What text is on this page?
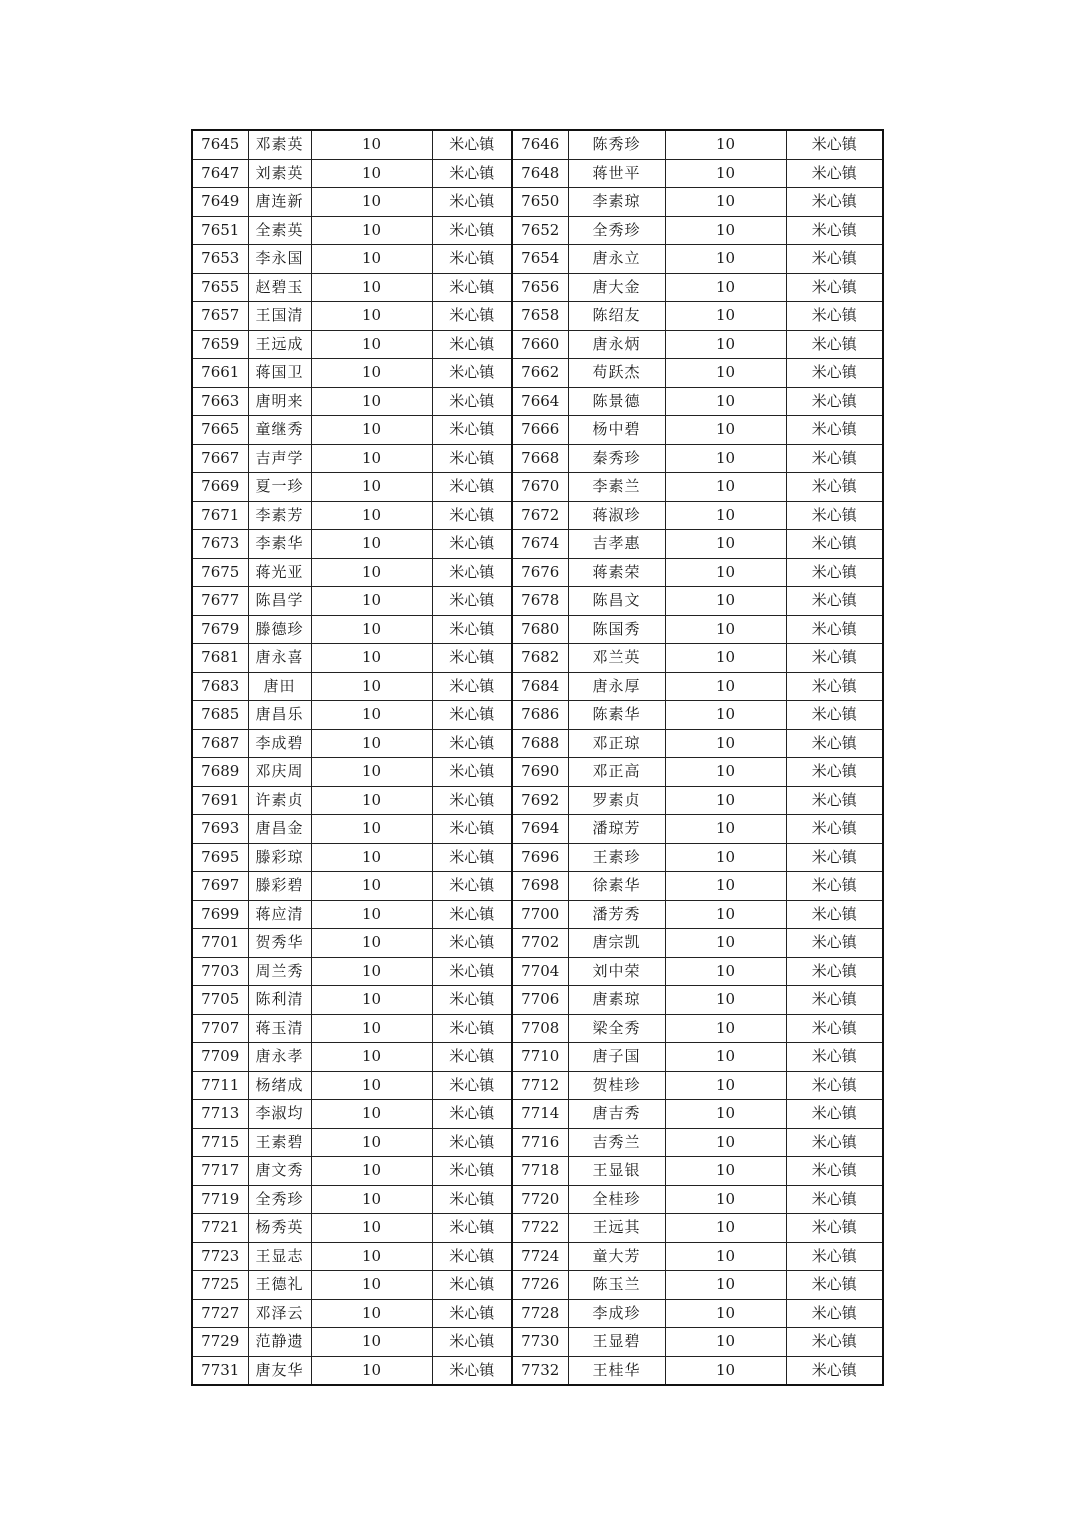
7645	邓素英	10	米心镇	7646	陈秀珍	10	米心镇
7647	刘素英	10	米心镇	7648	蒋世平	10	米心镇
7649	唐连新	10	米心镇	7650	李素琼	10	米心镇
7651	全素英	10	米心镇	7652	全秀珍	10	米心镇
7653	李永国	10	米心镇	7654	唐永立	10	米心镇
7655	赵碧玉	10	米心镇	7656	唐大金	10	米心镇
7657	王国清	10	米心镇	7658	陈绍友	10	米心镇
7659	王远成	10	米心镇	7660	唐永炳	10	米心镇
7661	蒋国卫	10	米心镇	7662	苟跃杰	10	米心镇
7663	唐明来	10	米心镇	7664	陈景德	10	米心镇
7665	童继秀	10	米心镇	7666	杨中碧	10	米心镇
7667	吉声学	10	米心镇	7668	秦秀珍	10	米心镇
7669	夏一珍	10	米心镇	7670	李素兰	10	米心镇
7671	李素芳	10	米心镇	7672	蒋淑珍	10	米心镇
7673	李素华	10	米心镇	7674	吉孝惠	10	米心镇
7675	蒋光亚	10	米心镇	7676	蒋素荣	10	米心镇
7677	陈昌学	10	米心镇	7678	陈昌文	10	米心镇
7679	滕德珍	10	米心镇	7680	陈国秀	10	米心镇
7681	唐永喜	10	米心镇	7682	邓兰英	10	米心镇
7683	唐田	10	米心镇	7684	唐永厚	10	米心镇
7685	唐昌乐	10	米心镇	7686	陈素华	10	米心镇
7687	李成碧	10	米心镇	7688	邓正琼	10	米心镇
7689	邓庆周	10	米心镇	7690	邓正高	10	米心镇
7691	许素贞	10	米心镇	7692	罗素贞	10	米心镇
7693	唐昌金	10	米心镇	7694	潘琼芳	10	米心镇
7695	滕彩琼	10	米心镇	7696	王素珍	10	米心镇
7697	滕彩碧	10	米心镇	7698	徐素华	10	米心镇
7699	蒋应清	10	米心镇	7700	潘芳秀	10	米心镇
7701	贺秀华	10	米心镇	7702	唐宗凯	10	米心镇
7703	周兰秀	10	米心镇	7704	刘中荣	10	米心镇
7705	陈利清	10	米心镇	7706	唐素琼	10	米心镇
7707	蒋玉清	10	米心镇	7708	梁全秀	10	米心镇
7709	唐永孝	10	米心镇	7710	唐子国	10	米心镇
7711	杨绪成	10	米心镇	7712	贺桂珍	10	米心镇
7713	李淑均	10	米心镇	7714	唐吉秀	10	米心镇
7715	王素碧	10	米心镇	7716	吉秀兰	10	米心镇
7717	唐文秀	10	米心镇	7718	王显银	10	米心镇
7719	全秀珍	10	米心镇	7720	全桂珍	10	米心镇
7721	杨秀英	10	米心镇	7722	王远其	10	米心镇
7723	王显志	10	米心镇	7724	童大芳	10	米心镇
7725	王德礼	10	米心镇	7726	陈玉兰	10	米心镇
7727	邓泽云	10	米心镇	7728	李成珍	10	米心镇
7729	范静遗	10	米心镇	7730	王显碧	10	米心镇
7731	唐友华	10	米心镇	7732	王桂华	10	米心镇
